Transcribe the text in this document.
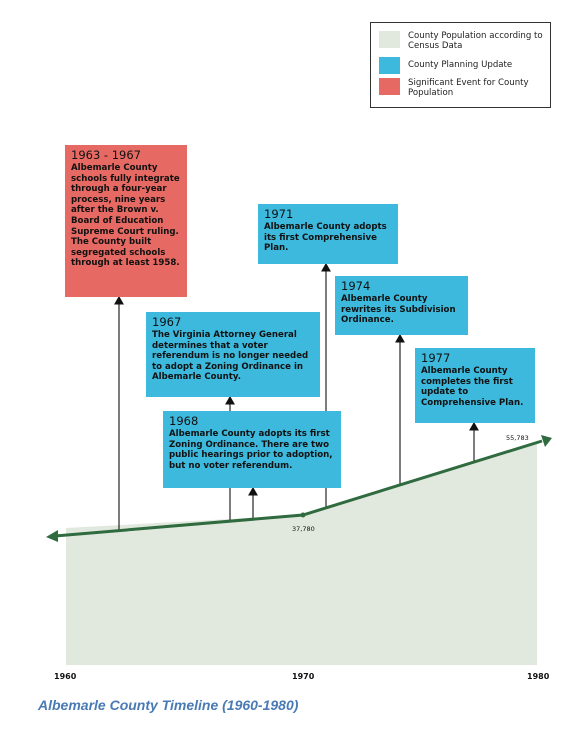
37,780
55,783
1960	1970	1980
County Population according to Census Data
County Planning Update
Significant Event for County Population
1963 - 1967
Albemarle County schools fully integrate through a four-year process, nine years after the Brown v. Board of Education Supreme Court ruling. The County built segregated schools through at least 1958.
1967
The Virginia Attorney General determines that a voter referendum is no longer needed to adopt a Zoning Ordinance in Albemarle County.
1968
Albemarle County adopts its first Zoning Ordinance. There are two public hearings prior to adoption, but no voter referendum.
1971
Albemarle County adopts its first Comprehensive Plan.
1974
Albemarle County rewrites its Subdivision Ordinance.
1977
Albemarle County completes the first update to Comprehensive Plan.
Albemarle County Timeline (1960-1980)
